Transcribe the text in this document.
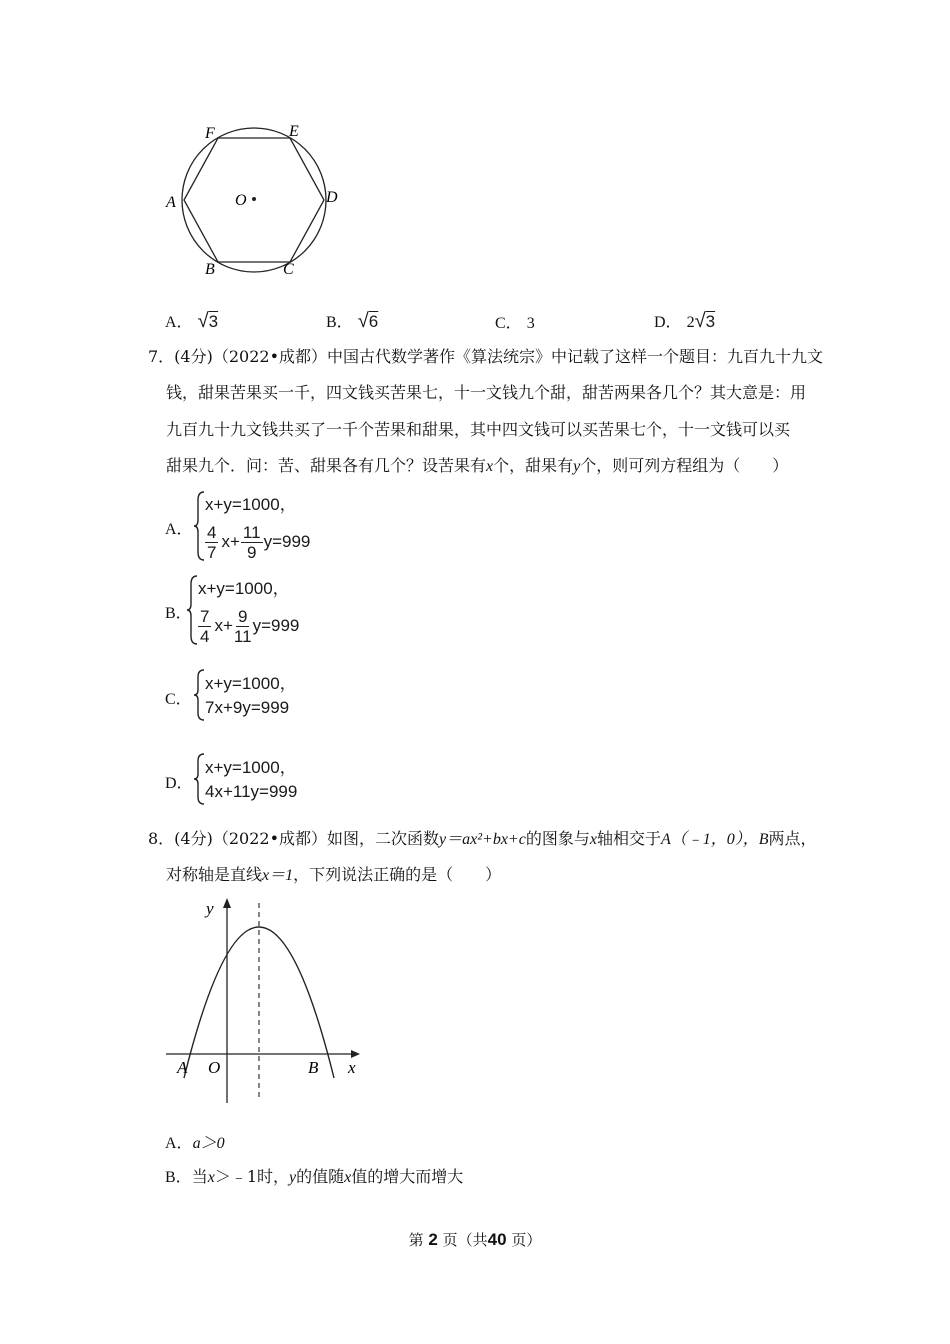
F	E
A	O	D
B	C
A． √3	B． √6	C． 3	D． 2√3
7．(4分)（2022•成都）中国古代数学著作《算法统宗》中记载了这样一个题目：九百九十九文
钱，甜果苦果买一千，四文钱买苦果七，十一文钱九个甜，甜苦两果各几个？其大意是：用
九百九十九文钱共买了一千个苦果和甜果，其中四文钱可以买苦果七个，十一文钱可以买
甜果九个．问：苦、甜果各有几个？设苦果有x个，甜果有y个，则可列方程组为（　　）
A．
x+y=1000，
$\frac{4}{7} x+ \frac{11}{9} y=999$
B．
x+y=1000，
$\frac{7}{4} x+ \frac{9}{11} y=999$
C．
x+y=1000，
7x+9y=999
D．
x+y=1000，
4x+11y=999
8．(4分)（2022•成都）如图，二次函数y＝ax²+bx+c的图象与x轴相交于A（﹣1，0），B两点，
对称轴是直线x＝1，下列说法正确的是（　　）
y
x
A O	B
A．a＞0
B．当x＞﹣1时，y的值随x值的增大而增大
第 2 页（共40 页）
